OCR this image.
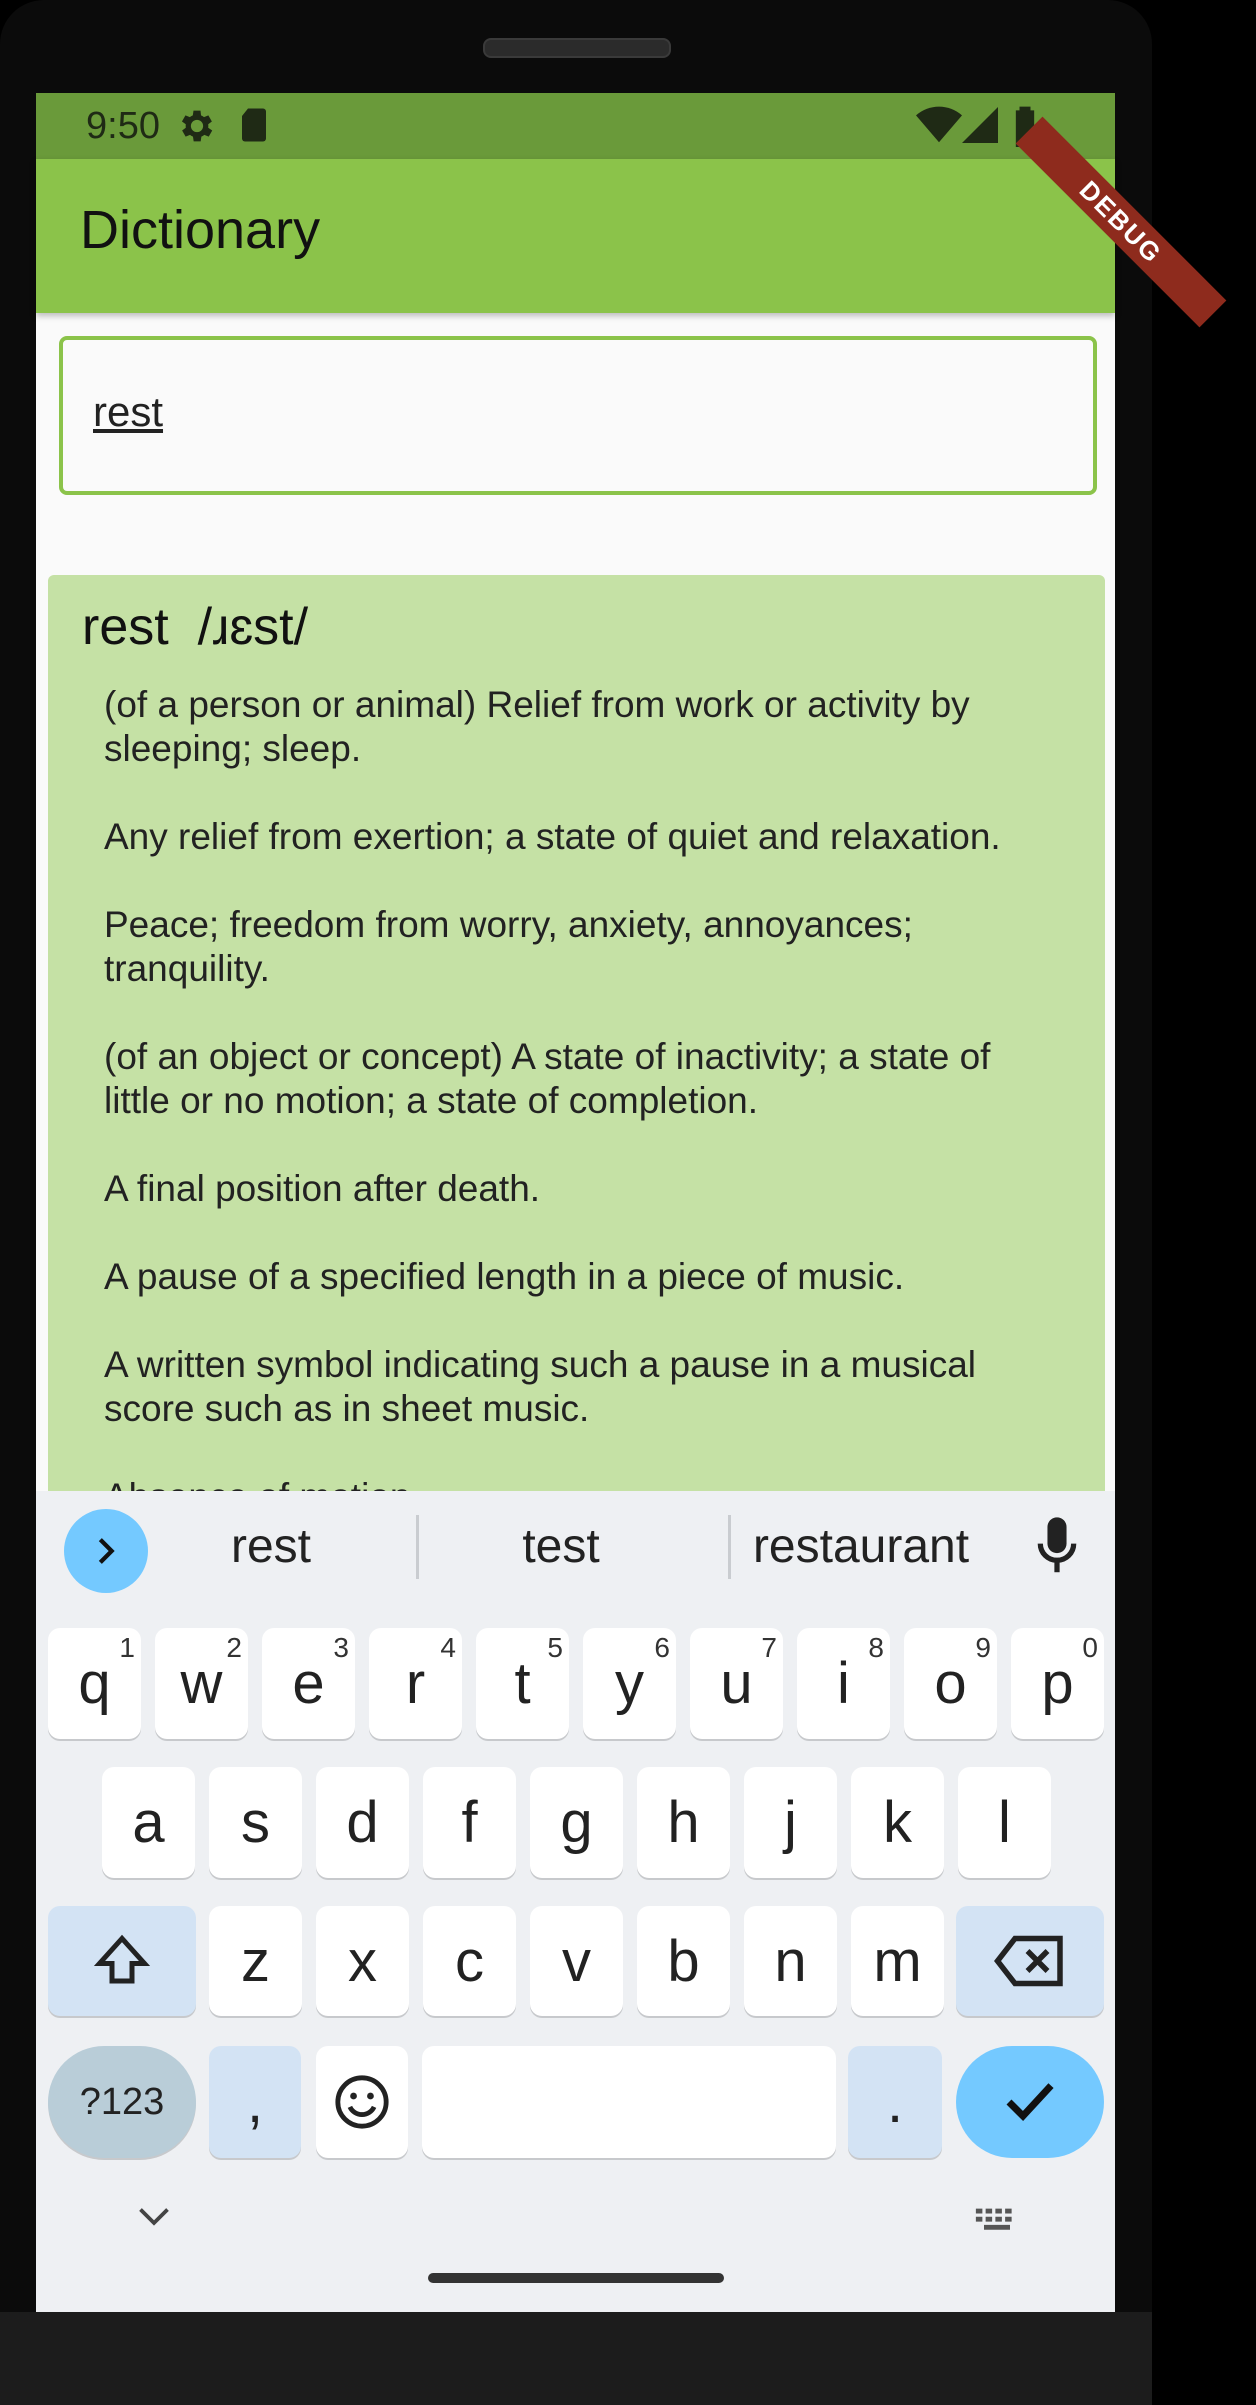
9:50
Dictionary	DEBUG
rest
rest  /ɹɛst/
(of a person or animal) Relief from work or activity by sleeping; sleep.
Any relief from exertion; a state of quiet and relaxation.
Peace; freedom from worry, anxiety, annoyances; tranquility.
(of an object or concept) A state of inactivity; a state of little or no motion; a state of completion.
A final position after death.
A pause of a specified length in a piece of music.
A written symbol indicating such a pause in a musical score such as in sheet music.
rest	test	restaurant
q
1
w
2
e
3
r
4
t
5
y
6
u
7
i
8
o
9
p
0
a s d f g h j k l
z x c v b n m
?123	,	.
